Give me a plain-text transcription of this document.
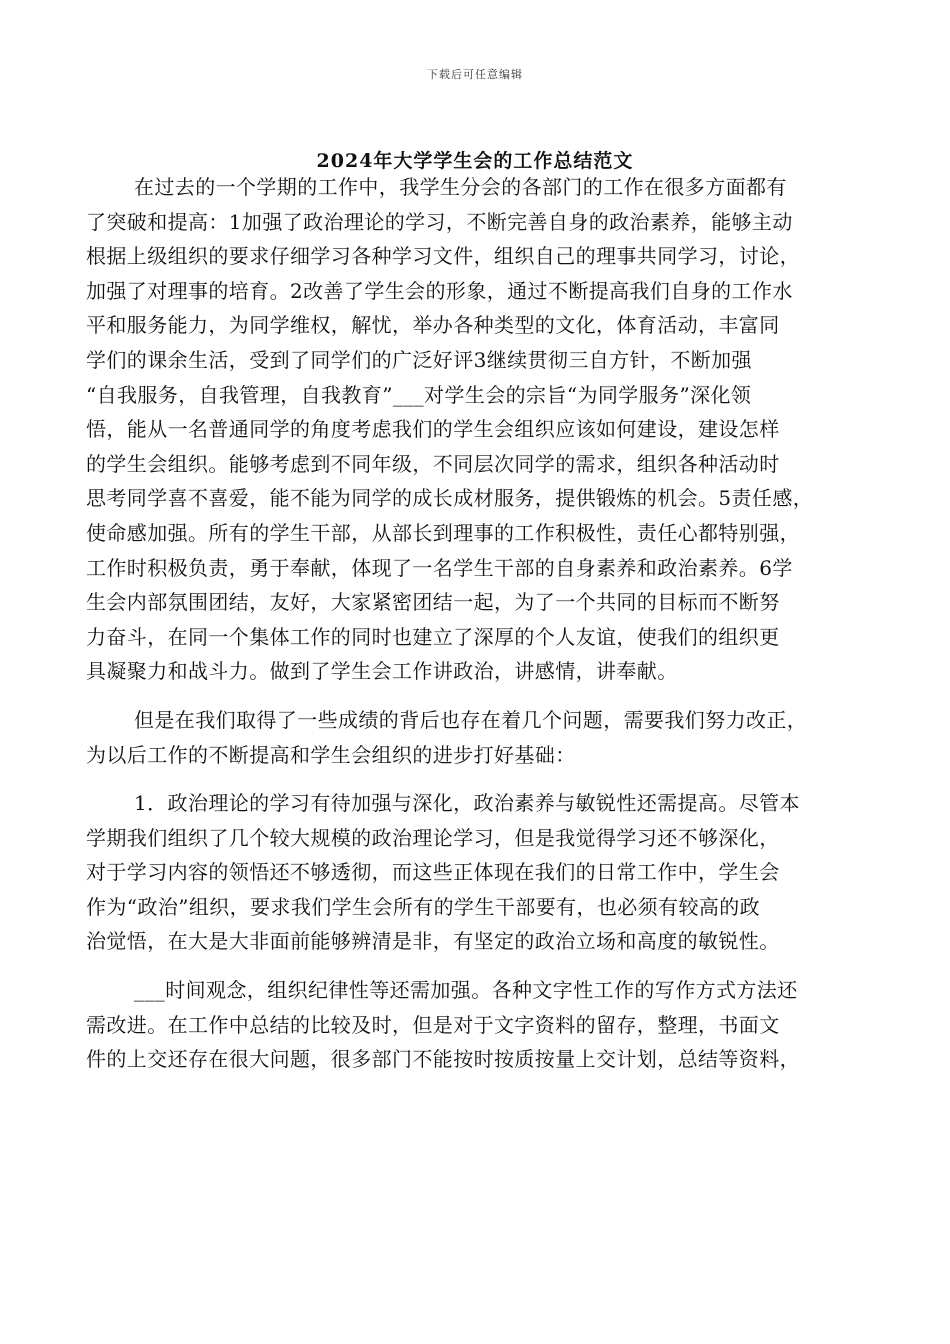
下载后可任意编辑
2024年大学学生会的工作总结范文

在过去的一个学期的工作中，我学生分会的各部门的工作在很多方面都有
了突破和提高：1加强了政治理论的学习，不断完善自身的政治素养，能够主动
根据上级组织的要求仔细学习各种学习文件，组织自己的理事共同学习，讨论，
加强了对理事的培育。2改善了学生会的形象，通过不断提高我们自身的工作水
平和服务能力，为同学维权，解忧，举办各种类型的文化，体育活动，丰富同
学们的课余生活，受到了同学们的广泛好评3继续贯彻三自方针，不断加强
“自我服务，自我管理，自我教育”___对学生会的宗旨“为同学服务”深化领
悟，能从一名普通同学的角度考虑我们的学生会组织应该如何建设，建设怎样
的学生会组织。能够考虑到不同年级，不同层次同学的需求，组织各种活动时
思考同学喜不喜爱，能不能为同学的成长成材服务，提供锻炼的机会。5责任感，
使命感加强。所有的学生干部，从部长到理事的工作积极性，责任心都特别强，
工作时积极负责，勇于奉献，体现了一名学生干部的自身素养和政治素养。6学
生会内部氛围团结，友好，大家紧密团结一起，为了一个共同的目标而不断努
力奋斗，在同一个集体工作的同时也建立了深厚的个人友谊，使我们的组织更
具凝聚力和战斗力。做到了学生会工作讲政治，讲感情，讲奉献。

但是在我们取得了一些成绩的背后也存在着几个问题，需要我们努力改正，
为以后工作的不断提高和学生会组织的进步打好基础：

1．政治理论的学习有待加强与深化，政治素养与敏锐性还需提高。尽管本
学期我们组织了几个较大规模的政治理论学习，但是我觉得学习还不够深化，
对于学习内容的领悟还不够透彻，而这些正体现在我们的日常工作中，学生会
作为“政治”组织，要求我们学生会所有的学生干部要有，也必须有较高的政
治觉悟，在大是大非面前能够辨清是非，有坚定的政治立场和高度的敏锐性。

___时间观念，组织纪律性等还需加强。各种文字性工作的写作方式方法还
需改进。在工作中总结的比较及时，但是对于文字资料的留存，整理，书面文
件的上交还存在很大问题，很多部门不能按时按质按量上交计划，总结等资料，
